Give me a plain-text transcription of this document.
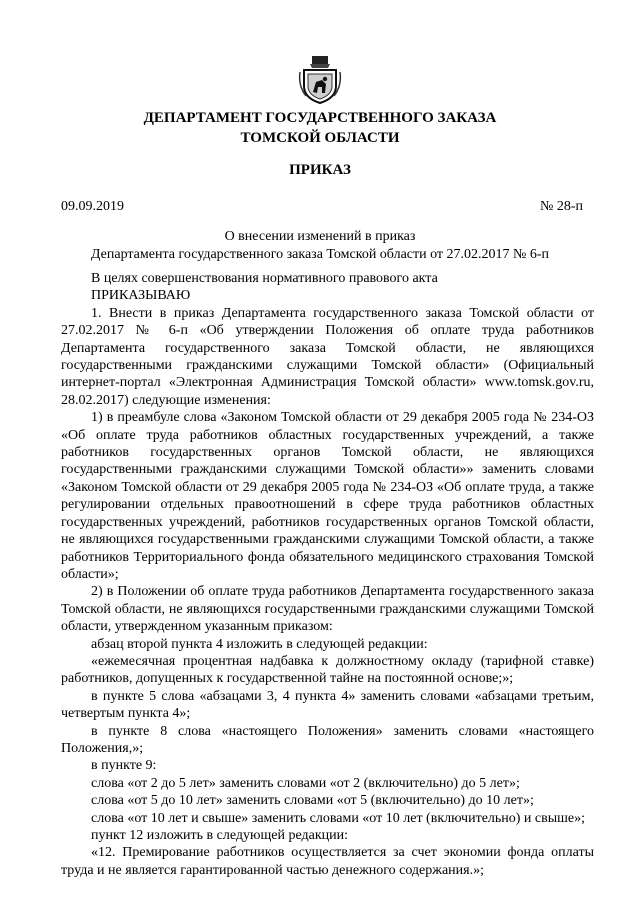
ДЕПАРТАМЕНТ ГОСУДАРСТВЕННОГО ЗАКАЗА
ТОМСКОЙ ОБЛАСТИ
ПРИКАЗ
09.09.2019	№ 28-п
О внесении изменений в приказ
Департамента государственного заказа Томской области от 27.02.2017 № 6-п

В целях совершенствования нормативного правового акта

ПРИКАЗЫВАЮ

1. Внести в приказ Департамента государственного заказа Томской области от 27.02.2017 № 6-п «Об утверждении Положения об оплате труда работников Департамента государственного заказа Томской области, не являющихся государственными гражданскими служащими Томской области» (Официальный интернет-портал «Электронная Администрация Томской области» www.tomsk.gov.ru, 28.02.2017) следующие изменения:

1) в преамбуле слова «Законом Томской области от 29 декабря 2005 года № 234-ОЗ «Об оплате труда работников областных государственных учреждений, а также работников государственных органов Томской области, не являющихся государственными гражданскими служащими Томской области»» заменить словами «Законом Томской области от 29 декабря 2005 года № 234-ОЗ «Об оплате труда, а также регулировании отдельных правоотношений в сфере труда работников областных государственных учреждений, работников государственных органов Томской области, не являющихся государственными гражданскими служащими Томской области, а также работников Территориального фонда обязательного медицинского страхования Томской области»;

2) в Положении об оплате труда работников Департамента государственного заказа Томской области, не являющихся государственными гражданскими служащими Томской области, утвержденном указанным приказом:

абзац второй пункта 4 изложить в следующей редакции:

«ежемесячная процентная надбавка к должностному окладу (тарифной ставке) работников, допущенных к государственной тайне на постоянной основе;»;

в пункте 5 слова «абзацами 3, 4 пункта 4» заменить словами «абзацами третьим, четвертым пункта 4»;

в пункте 8 слова «настоящего Положения» заменить словами «настоящего Положения,»;

в пункте 9:

слова «от 2 до 5 лет» заменить словами «от 2 (включительно) до 5 лет»;

слова «от 5 до 10 лет» заменить словами «от 5 (включительно) до 10 лет»;

слова «от 10 лет и свыше» заменить словами «от 10 лет (включительно) и свыше»;

пункт 12 изложить в следующей редакции:

«12. Премирование работников осуществляется за счет экономии фонда оплаты труда и не является гарантированной частью денежного содержания.»;
